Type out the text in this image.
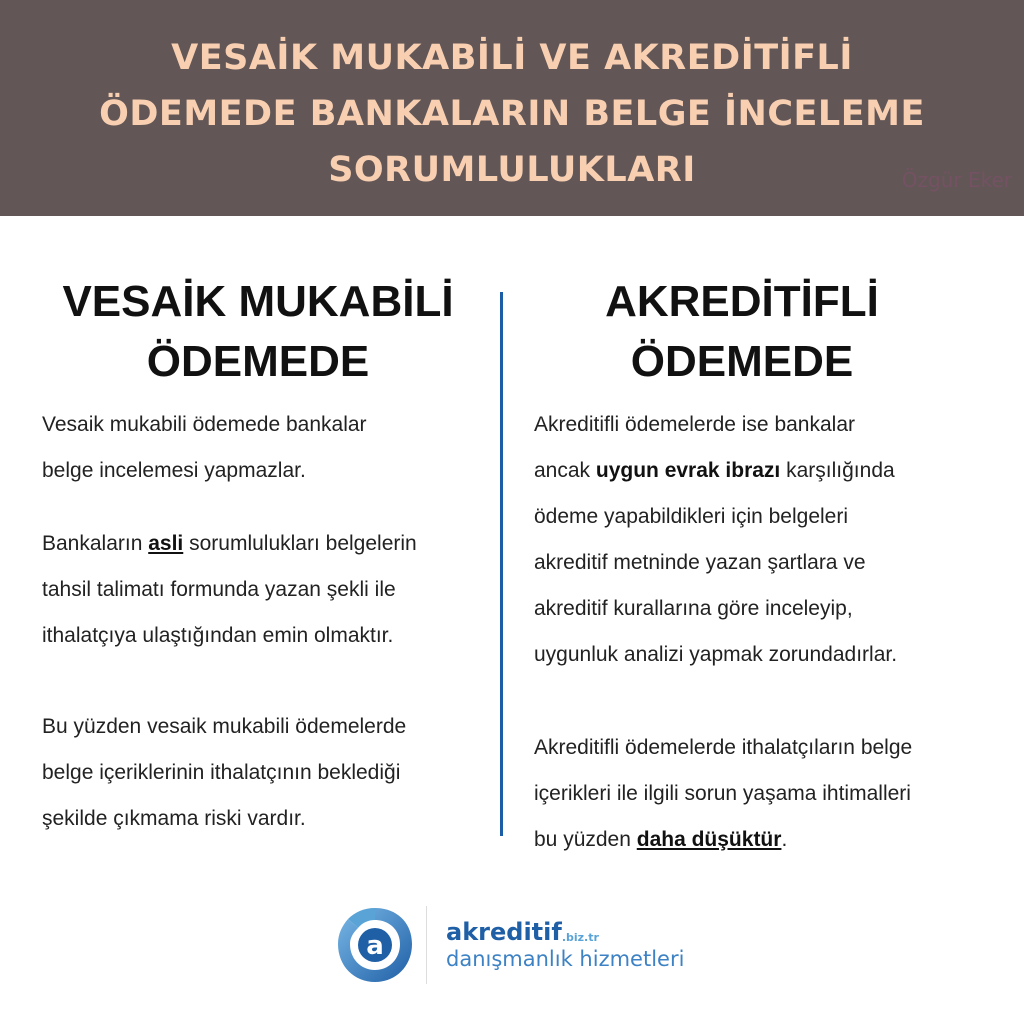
VESAİK MUKABİLİ VE AKREDİTİFLİ
ÖDEMEDE BANKALARIN BELGE İNCELEME
SORUMLULUKLARI	Özgür Eker
VESAİK MUKABİLİ
ÖDEMEDE
AKREDİTİFLİ
ÖDEMEDE
Vesaik mukabili ödemede bankalar
belge incelemesi yapmazlar.
Bankaların asli sorumlulukları belgelerin
tahsil talimatı formunda yazan şekli ile
ithalatçıya ulaştığından emin olmaktır.
Bu yüzden vesaik mukabili ödemelerde
belge içeriklerinin ithalatçının beklediği
şekilde çıkmama riski vardır.
Akreditifli ödemelerde ise bankalar
ancak uygun evrak ibrazı karşılığında
ödeme yapabildikleri için belgeleri
akreditif metninde yazan şartlara ve
akreditif kurallarına göre inceleyip,
uygunluk analizi yapmak zorundadırlar.
Akreditifli ödemelerde ithalatçıların belge
içerikleri ile ilgili sorun yaşama ihtimalleri
bu yüzden daha düşüktür.
a	akreditif.biz.tr
danışmanlık hizmetleri
